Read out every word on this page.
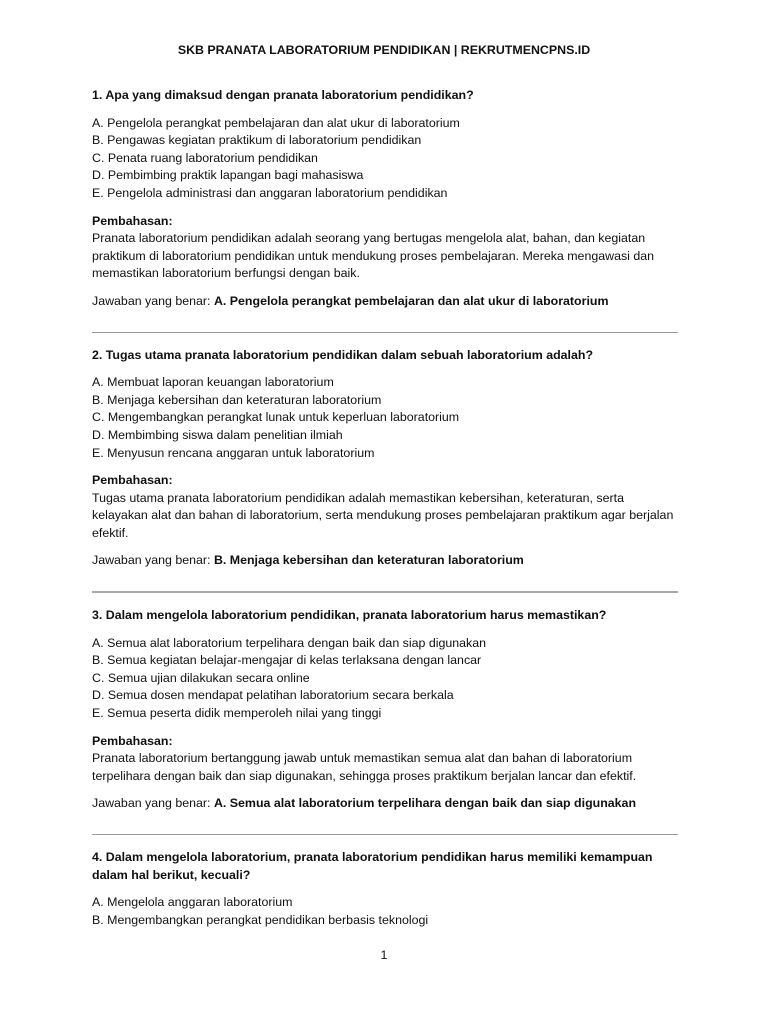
SKB PRANATA LABORATORIUM PENDIDIKAN | REKRUTMENCPNS.ID

1. Apa yang dimaksud dengan pranata laboratorium pendidikan?

A. Pengelola perangkat pembelajaran dan alat ukur di laboratorium
B. Pengawas kegiatan praktikum di laboratorium pendidikan
C. Penata ruang laboratorium pendidikan
D. Pembimbing praktik lapangan bagi mahasiswa
E. Pengelola administrasi dan anggaran laboratorium pendidikan
Pembahasan:

Pranata laboratorium pendidikan adalah seorang yang bertugas mengelola alat, bahan, dan kegiatan praktikum di laboratorium pendidikan untuk mendukung proses pembelajaran. Mereka mengawasi dan memastikan laboratorium berfungsi dengan baik.

Jawaban yang benar: A. Pengelola perangkat pembelajaran dan alat ukur di laboratorium

2. Tugas utama pranata laboratorium pendidikan dalam sebuah laboratorium adalah?

A. Membuat laporan keuangan laboratorium
B. Menjaga kebersihan dan keteraturan laboratorium
C. Mengembangkan perangkat lunak untuk keperluan laboratorium
D. Membimbing siswa dalam penelitian ilmiah
E. Menyusun rencana anggaran untuk laboratorium
Pembahasan:

Tugas utama pranata laboratorium pendidikan adalah memastikan kebersihan, keteraturan, serta kelayakan alat dan bahan di laboratorium, serta mendukung proses pembelajaran praktikum agar berjalan efektif.

Jawaban yang benar: B. Menjaga kebersihan dan keteraturan laboratorium

3. Dalam mengelola laboratorium pendidikan, pranata laboratorium harus memastikan?

A. Semua alat laboratorium terpelihara dengan baik dan siap digunakan
B. Semua kegiatan belajar-mengajar di kelas terlaksana dengan lancar
C. Semua ujian dilakukan secara online
D. Semua dosen mendapat pelatihan laboratorium secara berkala
E. Semua peserta didik memperoleh nilai yang tinggi
Pembahasan:

Pranata laboratorium bertanggung jawab untuk memastikan semua alat dan bahan di laboratorium terpelihara dengan baik dan siap digunakan, sehingga proses praktikum berjalan lancar dan efektif.

Jawaban yang benar: A. Semua alat laboratorium terpelihara dengan baik dan siap digunakan

4. Dalam mengelola laboratorium, pranata laboratorium pendidikan harus memiliki kemampuan dalam hal berikut, kecuali?

A. Mengelola anggaran laboratorium
B. Mengembangkan perangkat pendidikan berbasis teknologi
1
